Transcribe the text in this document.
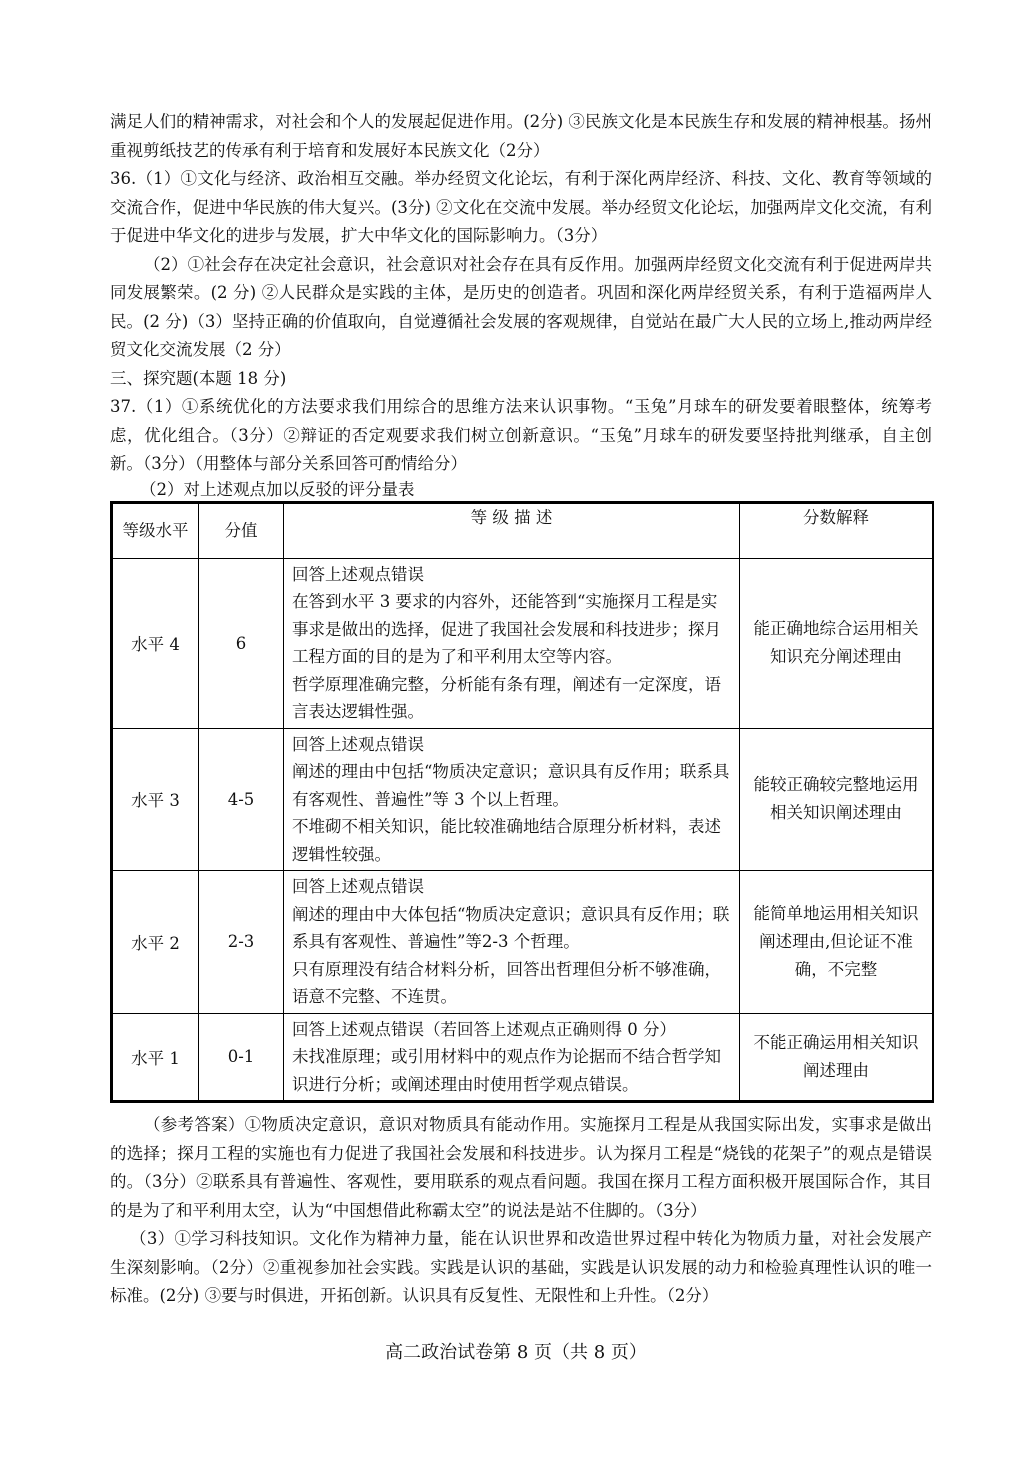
满足人们的精神需求，对社会和个人的发展起促进作用。(2分) ③民族文化是本民族生存和发展的精神根基。扬州重视剪纸技艺的传承有利于培育和发展好本民族文化（2分）

36.（1）①文化与经济、政治相互交融。举办经贸文化论坛，有利于深化两岸经济、科技、文化、教育等领域的交流合作，促进中华民族的伟大复兴。(3分) ②文化在交流中发展。举办经贸文化论坛，加强两岸文化交流，有利于促进中华文化的进步与发展，扩大中华文化的国际影响力。（3分）

（2）①社会存在决定社会意识，社会意识对社会存在具有反作用。加强两岸经贸文化交流有利于促进两岸共同发展繁荣。(2 分) ②人民群众是实践的主体，是历史的创造者。巩固和深化两岸经贸关系，有利于造福两岸人民。(2 分)（3）坚持正确的价值取向，自觉遵循社会发展的客观规律，自觉站在最广大人民的立场上,推动两岸经贸文化交流发展（2 分）

三、探究题(本题 18 分)

37.（1）①系统优化的方法要求我们用综合的思维方法来认识事物。“玉兔”月球车的研发要着眼整体，统筹考虑，优化组合。（3分）②辩证的否定观要求我们树立创新意识。“玉兔”月球车的研发要坚持批判继承，自主创新。（3分）（用整体与部分关系回答可酌情给分）

（2）对上述观点加以反驳的评分量表

等级水平	分值	等 级 描 述	分数解释
水平 4	6	回答上述观点错误
在答到水平 3 要求的内容外，还能答到“实施探月工程是实事求是做出的选择，促进了我国社会发展和科技进步；探月工程方面的目的是为了和平利用太空等内容。
哲学原理准确完整，分析能有条有理，阐述有一定深度，语言表达逻辑性强。	能正确地综合运用相关知识充分阐述理由
水平 3	4-5	回答上述观点错误
阐述的理由中包括“物质决定意识；意识具有反作用；联系具有客观性、普遍性”等 3 个以上哲理。
不堆砌不相关知识，能比较准确地结合原理分析材料，表述逻辑性较强。	能较正确较完整地运用相关知识阐述理由
水平 2	2-3	回答上述观点错误
阐述的理由中大体包括“物质决定意识；意识具有反作用；联系具有客观性、普遍性”等2-3 个哲理。
只有原理没有结合材料分析，回答出哲理但分析不够准确，语意不完整、不连贯。	能简单地运用相关知识阐述理由,但论证不准确，不完整
水平 1	0-1	回答上述观点错误（若回答上述观点正确则得 0 分）
未找准原理；或引用材料中的观点作为论据而不结合哲学知识进行分析；或阐述理由时使用哲学观点错误。	不能正确运用相关知识阐述理由

（参考答案）①物质决定意识，意识对物质具有能动作用。实施探月工程是从我国实际出发，实事求是做出的选择；探月工程的实施也有力促进了我国社会发展和科技进步。认为探月工程是“烧钱的花架子”的观点是错误的。（3分）②联系具有普遍性、客观性，要用联系的观点看问题。我国在探月工程方面积极开展国际合作，其目的是为了和平利用太空，认为“中国想借此称霸太空”的说法是站不住脚的。（3分）

（3）①学习科技知识。文化作为精神力量，能在认识世界和改造世界过程中转化为物质力量，对社会发展产生深刻影响。（2分）②重视参加社会实践。实践是认识的基础，实践是认识发展的动力和检验真理性认识的唯一标准。(2分) ③要与时俱进，开拓创新。认识具有反复性、无限性和上升性。（2分）

高二政治试卷第 8 页（共 8 页）
